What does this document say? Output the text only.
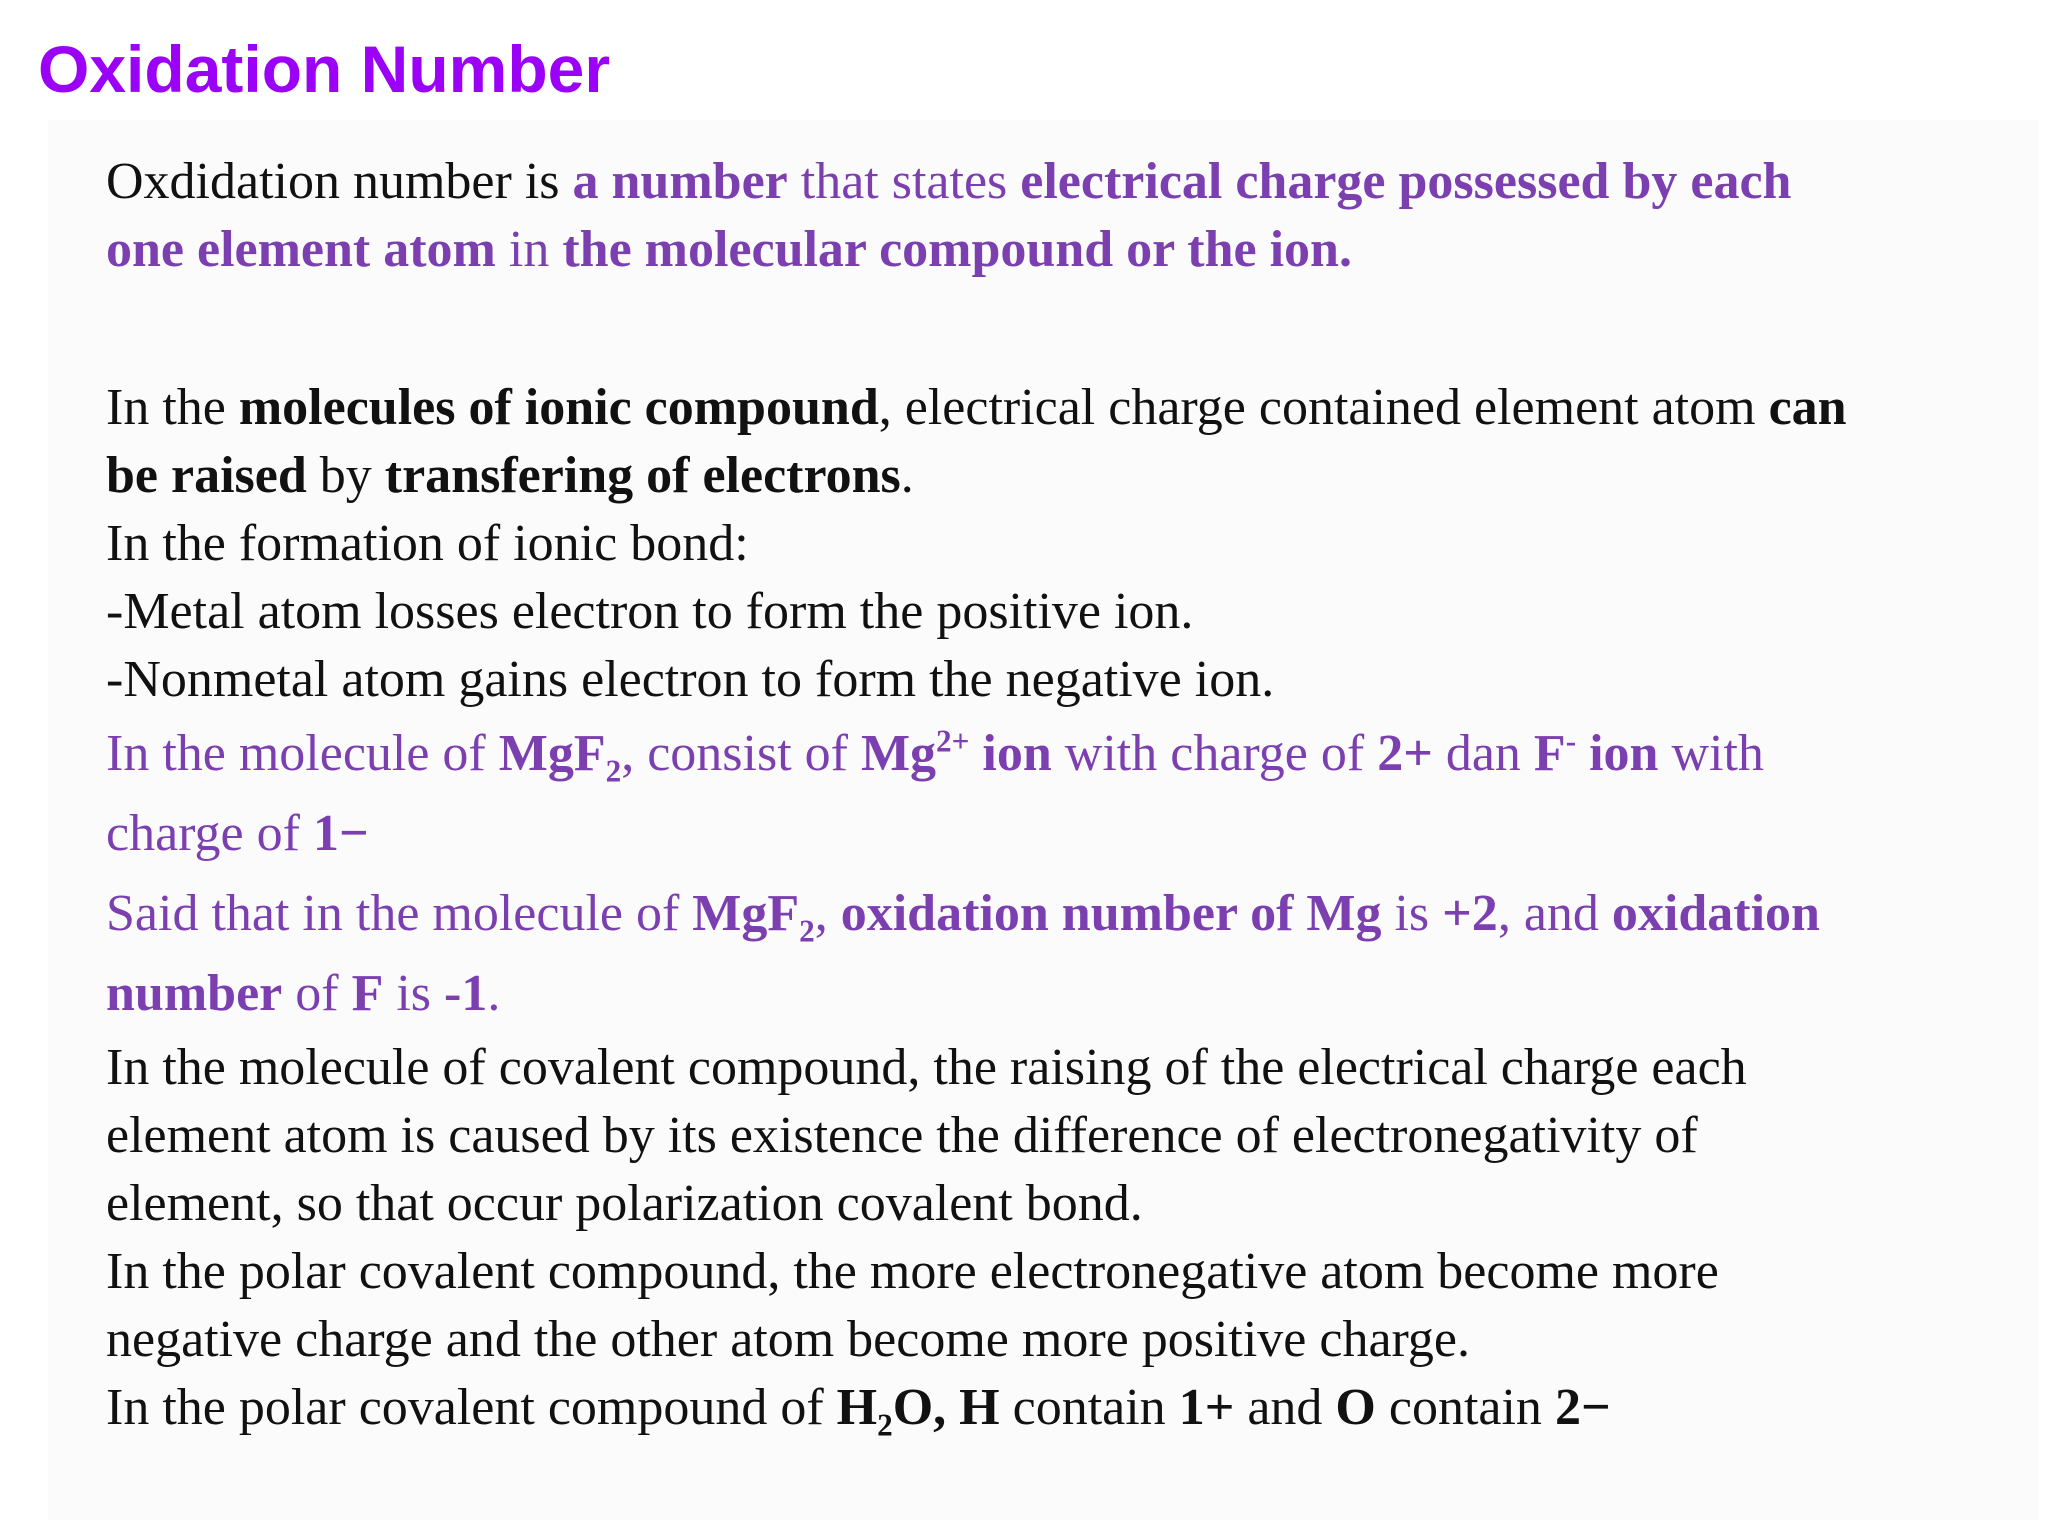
Oxidation Number
Oxdidation number is a number that states electrical charge possessed by each
one element atom in the molecular compound or the ion.
In the molecules of ionic compound, electrical charge contained element atom can
be raised by transfering of electrons.
In the formation of ionic bond:
-Metal atom losses electron to form the positive ion.
-Nonmetal atom gains electron to form the negative ion.
In the molecule of MgF$_2$, consist of $Mg^{2+}$ ion with charge of 2+ dan F- ion with
charge of 1−
Said that in the molecule of MgF$_2$, oxidation number of Mg is +2, and oxidation
number of F is -1.
In the molecule of covalent compound, the raising of the electrical charge each
element atom is caused by its existence the difference of electronegativity of
element, so that occur polarization covalent bond.
In the polar covalent compound, the more electronegative atom become more
negative charge and the other atom become more positive charge.
In the polar covalent compound of $H_2O$, H contain 1+ and O contain 2−
